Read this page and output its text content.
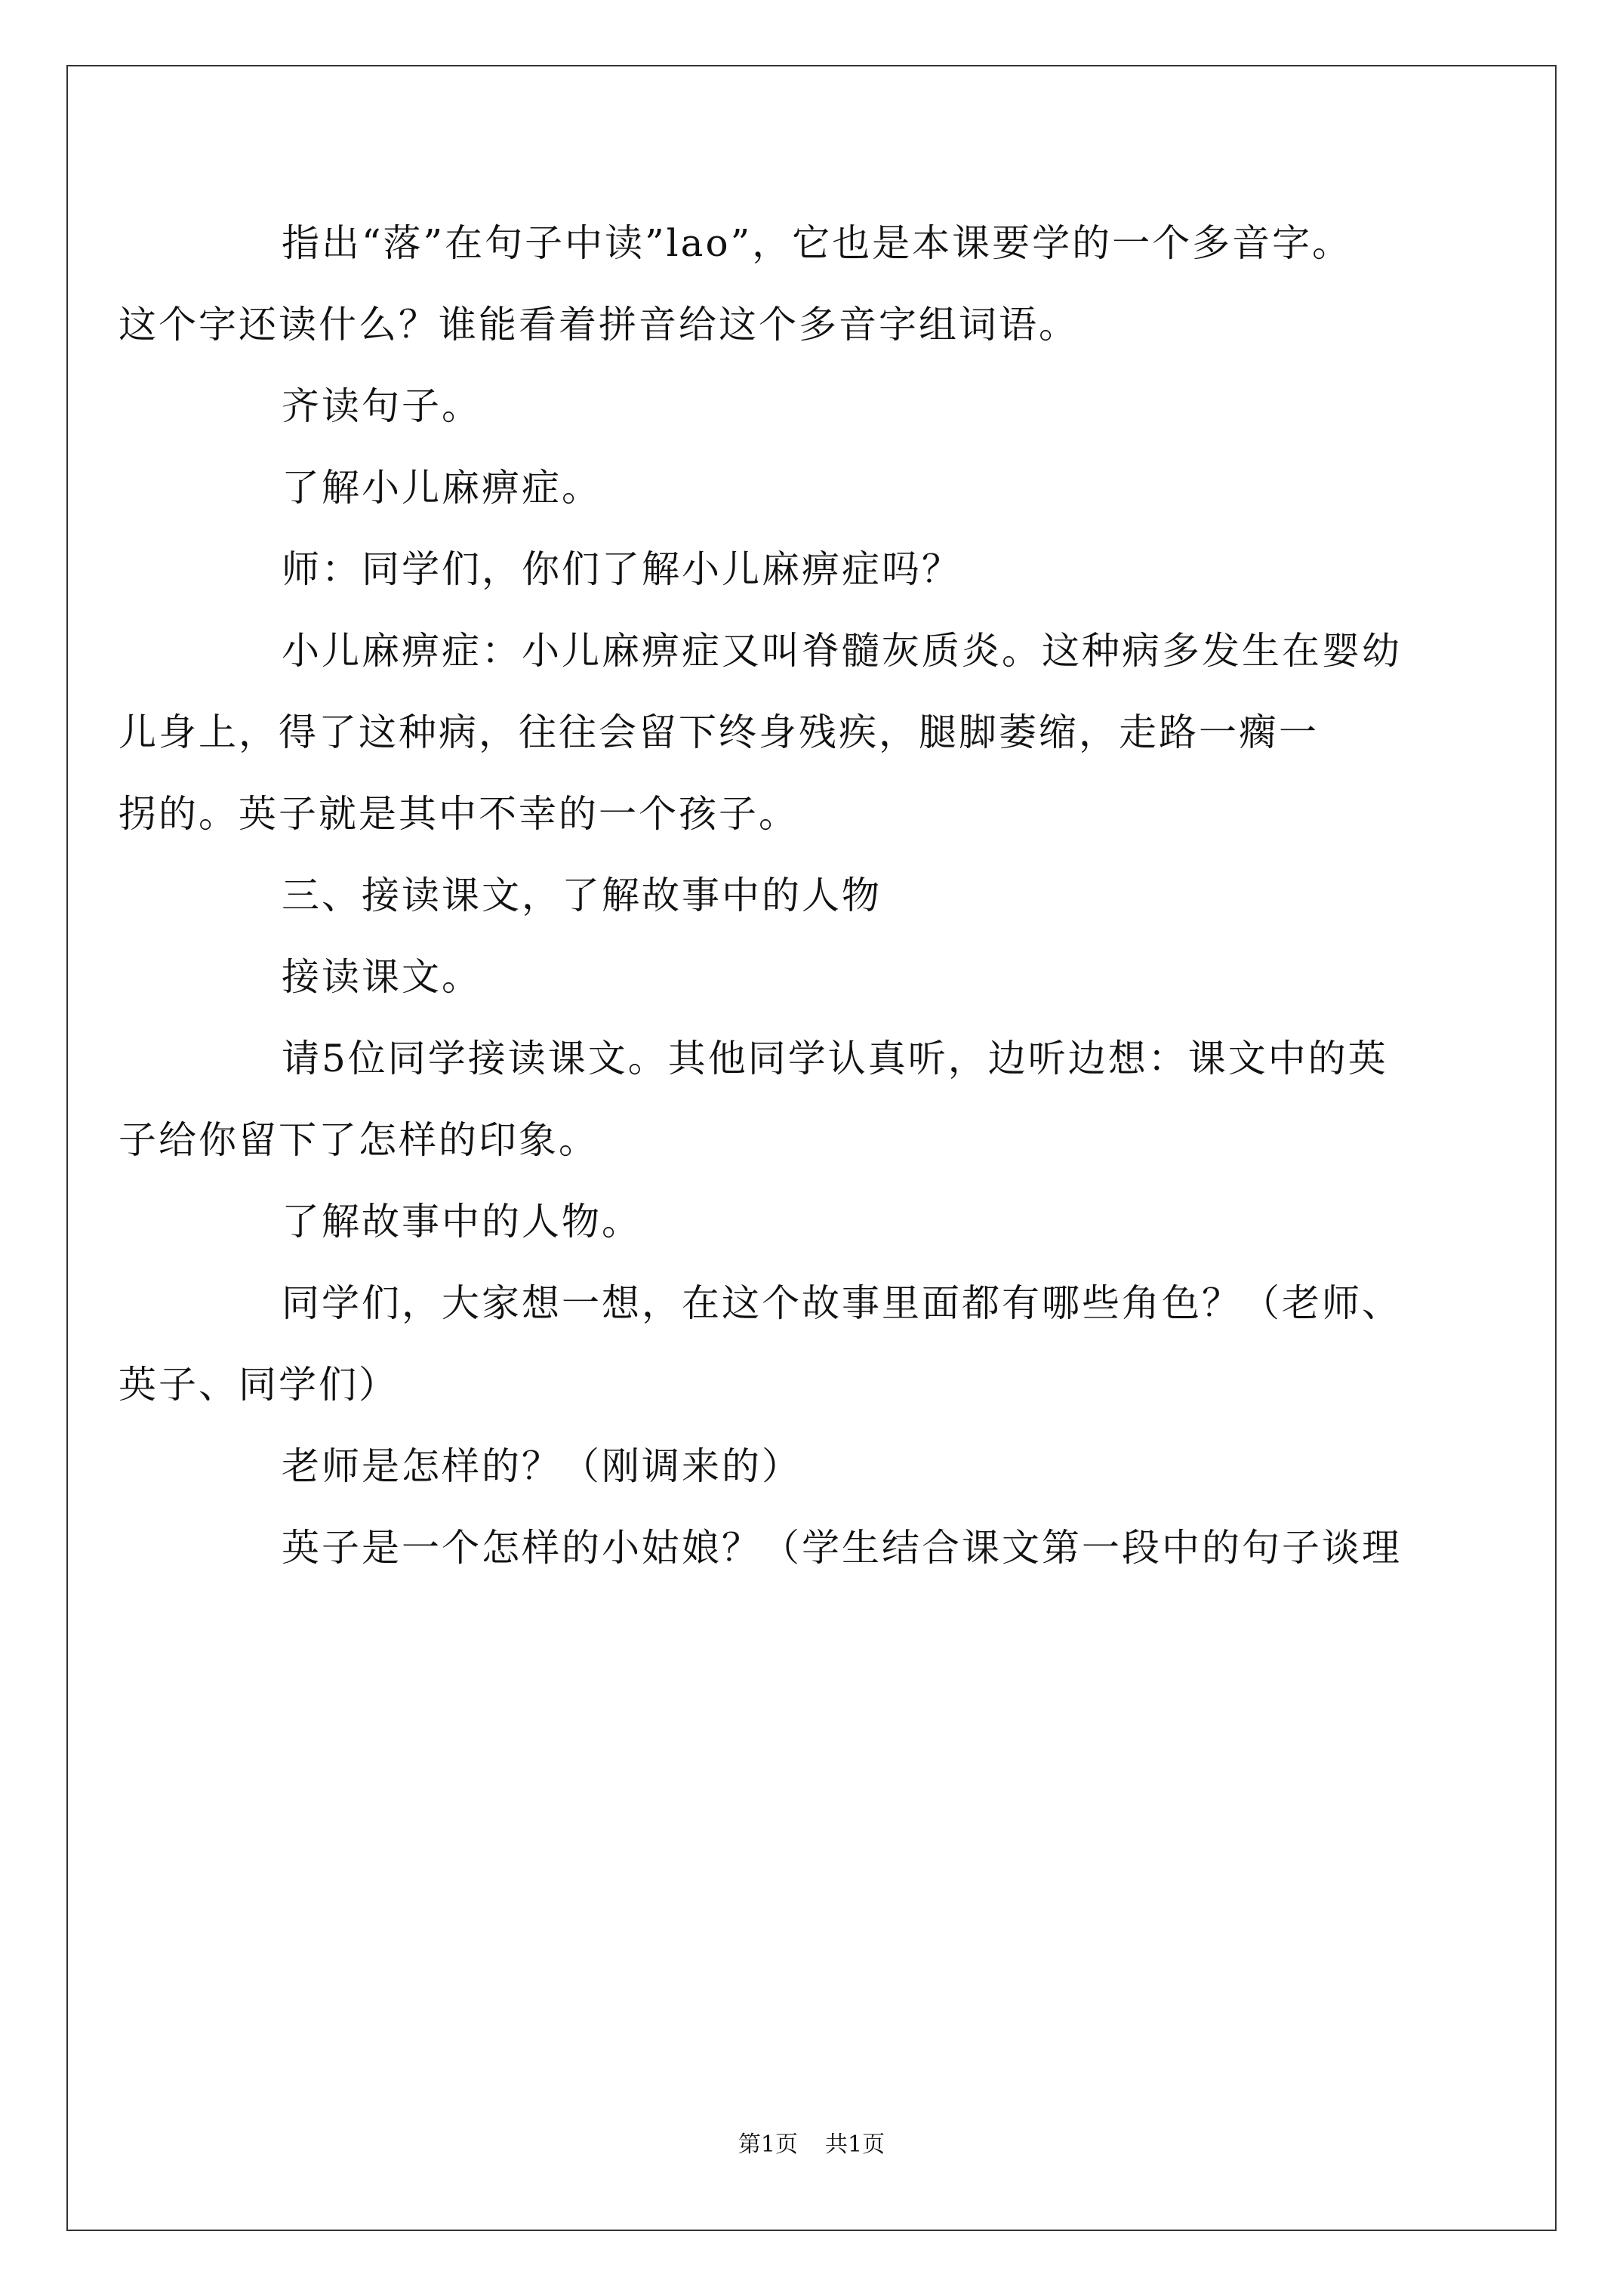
指出“落”在句子中读”lao”，它也是本课要学的一个多音字。

这个字还读什么？谁能看着拼音给这个多音字组词语。

齐读句子。

了解小儿麻痹症。

师：同学们，你们了解小儿麻痹症吗？

小儿麻痹症：小儿麻痹症又叫脊髓灰质炎。这种病多发生在婴幼

儿身上，得了这种病，往往会留下终身残疾，腿脚萎缩，走路一瘸一

拐的。英子就是其中不幸的一个孩子。

三、接读课文，了解故事中的人物

接读课文。

请5位同学接读课文。其他同学认真听，边听边想：课文中的英

子给你留下了怎样的印象。

了解故事中的人物。

同学们，大家想一想，在这个故事里面都有哪些角色？（老师、

英子、同学们）

老师是怎样的？（刚调来的）

英子是一个怎样的小姑娘？（学生结合课文第一段中的句子谈理

第1页 共1页
